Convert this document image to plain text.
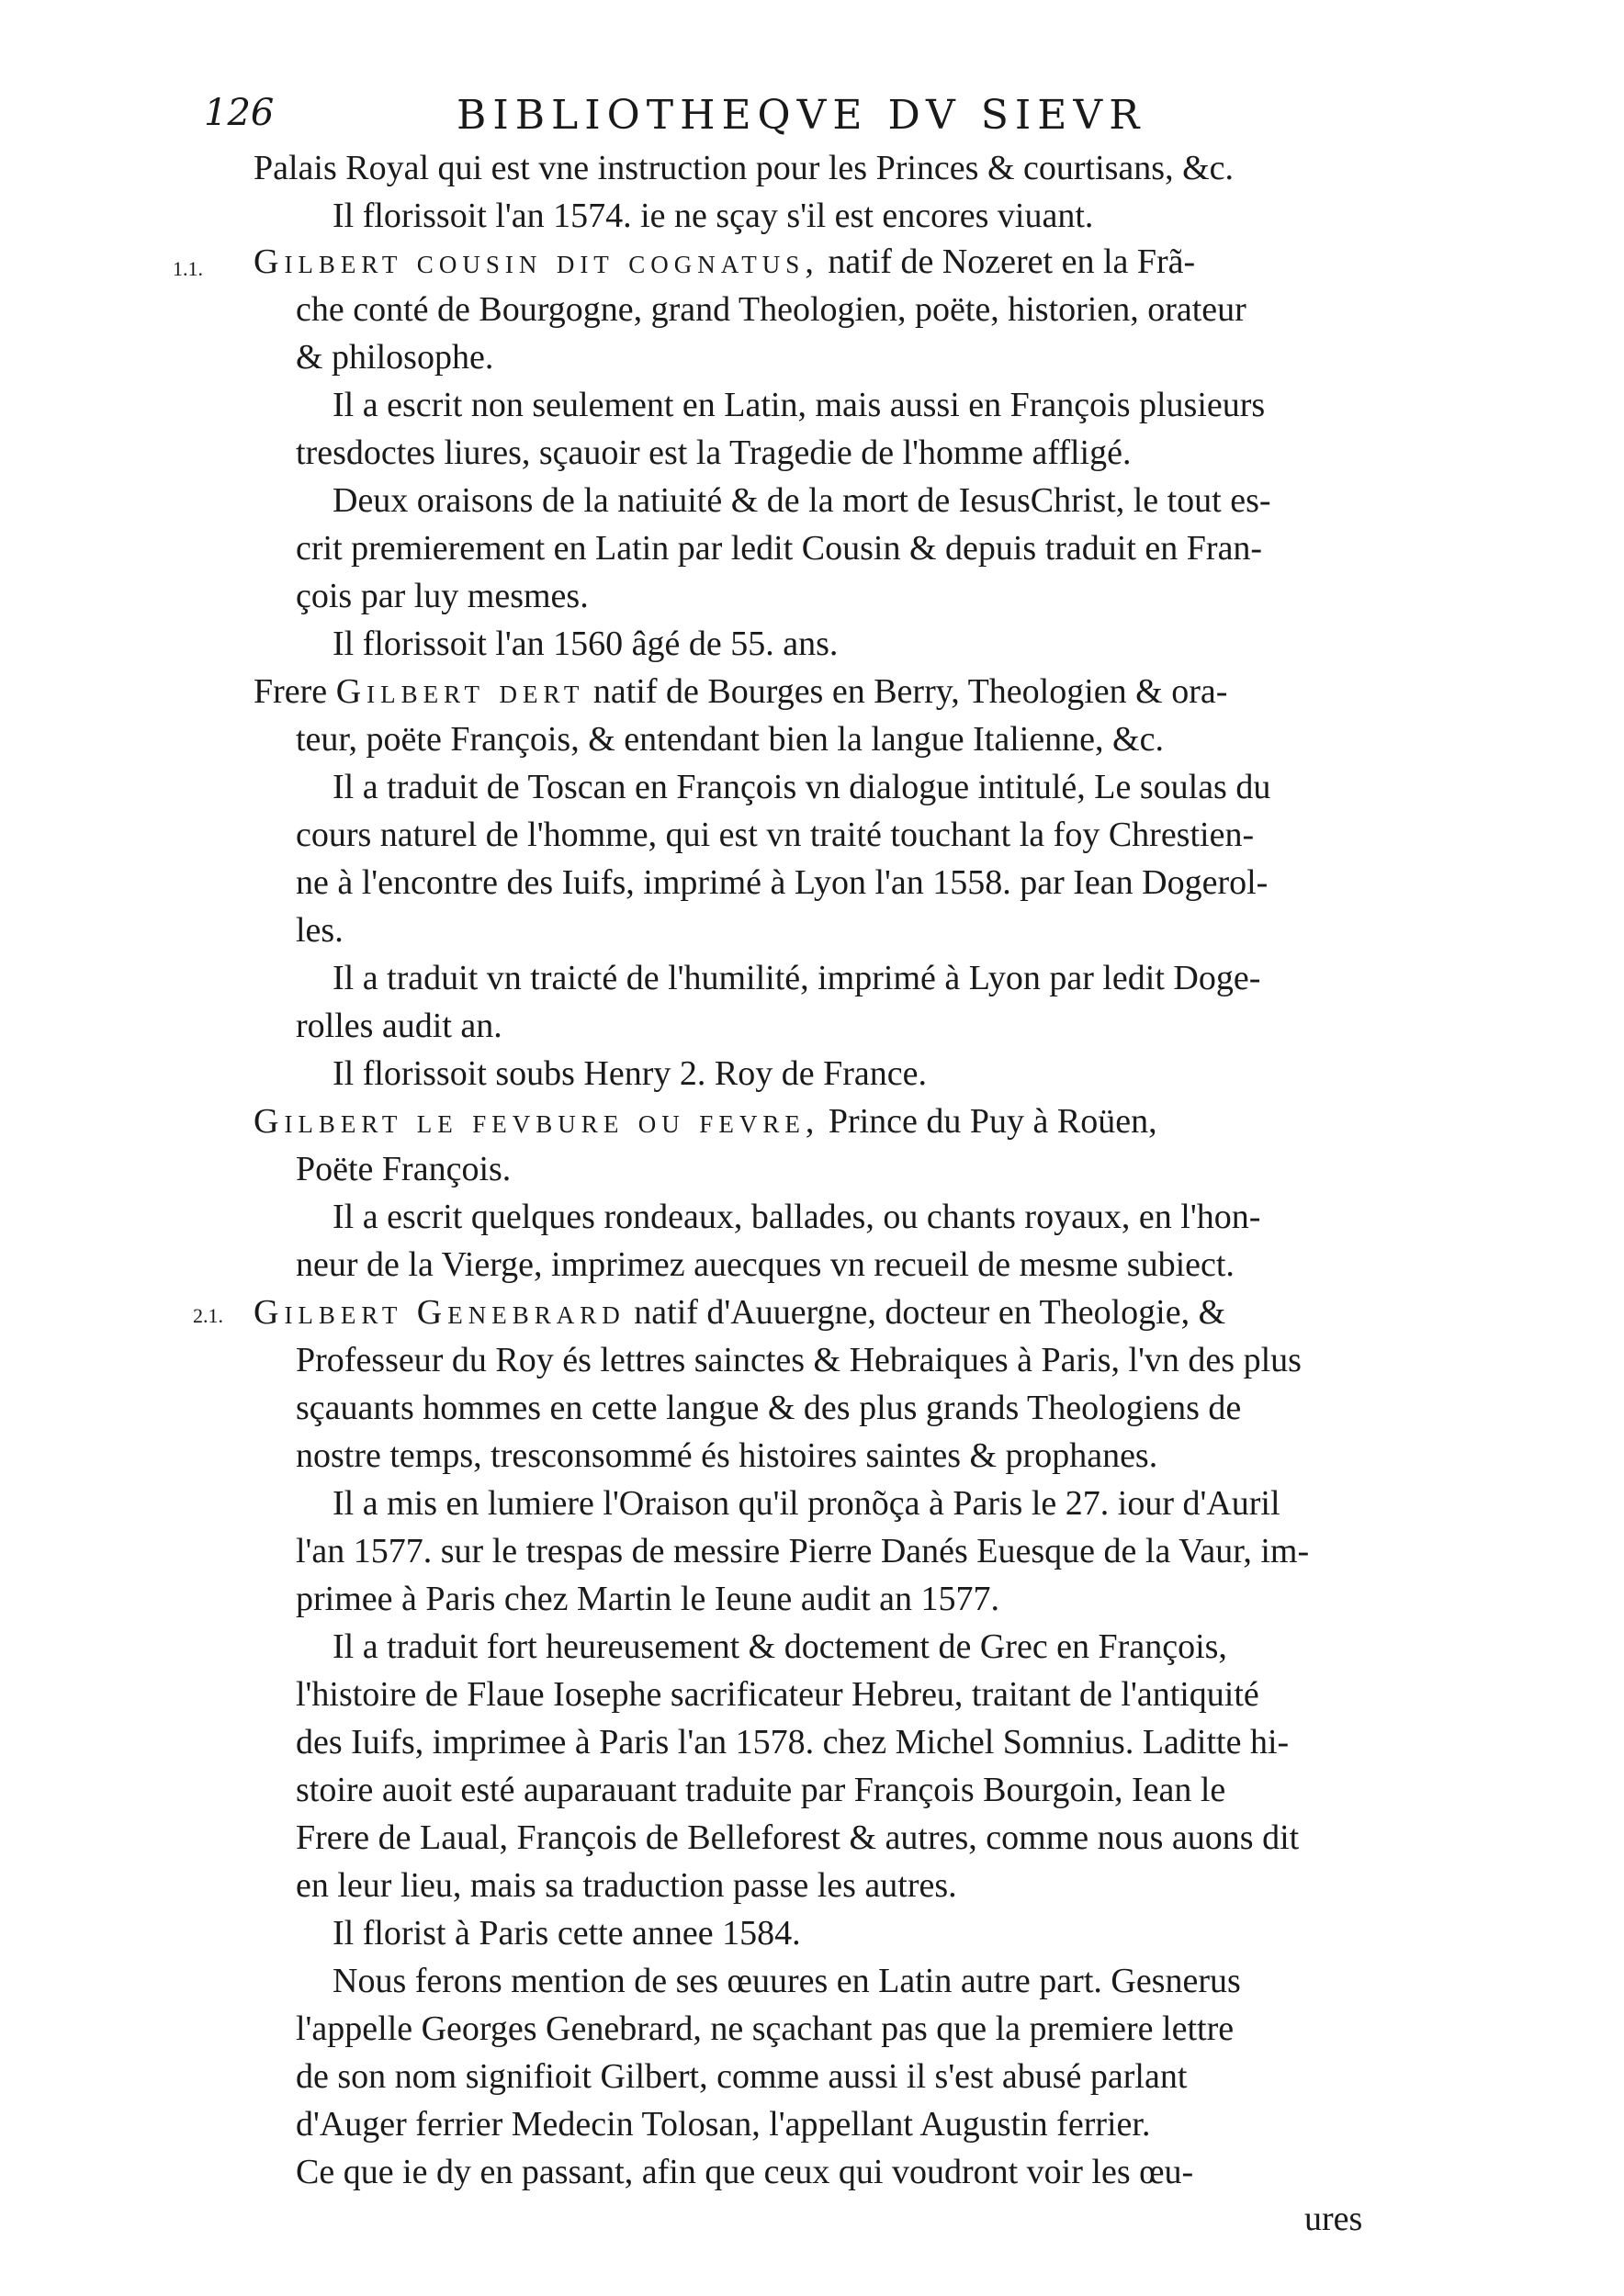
126	BIBLIOTHEQVE DV SIEVR
Palais Royal qui est vne instruction pour les Princes & courtisans, &c.
Il florissoit l'an 1574. ie ne sçay s'il est encores viuant.
1.1. Gilbert cousin dit cognatus, natif de Nozeret en la Frã-
che conté de Bourgogne, grand Theologien, poëte, historien, orateur
& philosophe.
Il a escrit non seulement en Latin, mais aussi en François plusieurs
tresdoctes liures, sçauoir est la Tragedie de l'homme affligé.
Deux oraisons de la natiuité & de la mort de IesusChrist, le tout es-
crit premierement en Latin par ledit Cousin & depuis traduit en Fran-
çois par luy mesmes.
Il florissoit l'an 1560 âgé de 55. ans.
Frere Gilbert dert natif de Bourges en Berry, Theologien & ora-
teur, poëte François, & entendant bien la langue Italienne, &c.
Il a traduit de Toscan en François vn dialogue intitulé, Le soulas du
cours naturel de l'homme, qui est vn traité touchant la foy Chrestien-
ne à l'encontre des Iuifs, imprimé à Lyon l'an 1558. par Iean Dogerol-
les.
Il a traduit vn traicté de l'humilité, imprimé à Lyon par ledit Doge-
rolles audit an.
Il florissoit soubs Henry 2. Roy de France.
Gilbert le fevbure ou fevre, Prince du Puy à Roüen,
Poëte François.
Il a escrit quelques rondeaux, ballades, ou chants royaux, en l'hon-
neur de la Vierge, imprimez auecques vn recueil de mesme subiect.
2.1. Gilbert Genebrard natif d'Auuergne, docteur en Theologie, &
Professeur du Roy és lettres sainctes & Hebraiques à Paris, l'vn des plus
sçauants hommes en cette langue & des plus grands Theologiens de
nostre temps, tresconsommé és histoires saintes & prophanes.
Il a mis en lumiere l'Oraison qu'il pronõça à Paris le 27. iour d'Auril
l'an 1577. sur le trespas de messire Pierre Danés Euesque de la Vaur, im-
primee à Paris chez Martin le Ieune audit an 1577.
Il a traduit fort heureusement & doctement de Grec en François,
l'histoire de Flaue Iosephe sacrificateur Hebreu, traitant de l'antiquité
des Iuifs, imprimee à Paris l'an 1578. chez Michel Somnius. Laditte hi-
stoire auoit esté auparauant traduite par François Bourgoin, Iean le
Frere de Laual, François de Belleforest & autres, comme nous auons dit
en leur lieu, mais sa traduction passe les autres.
Il florist à Paris cette annee 1584.
Nous ferons mention de ses œuures en Latin autre part. Gesnerus
l'appelle Georges Genebrard, ne sçachant pas que la premiere lettre
de son nom signifioit Gilbert, comme aussi il s'est abusé parlant
d'Auger ferrier Medecin Tolosan, l'appellant Augustin ferrier.
Ce que ie dy en passant, afin que ceux qui voudront voir les œu-
ures
